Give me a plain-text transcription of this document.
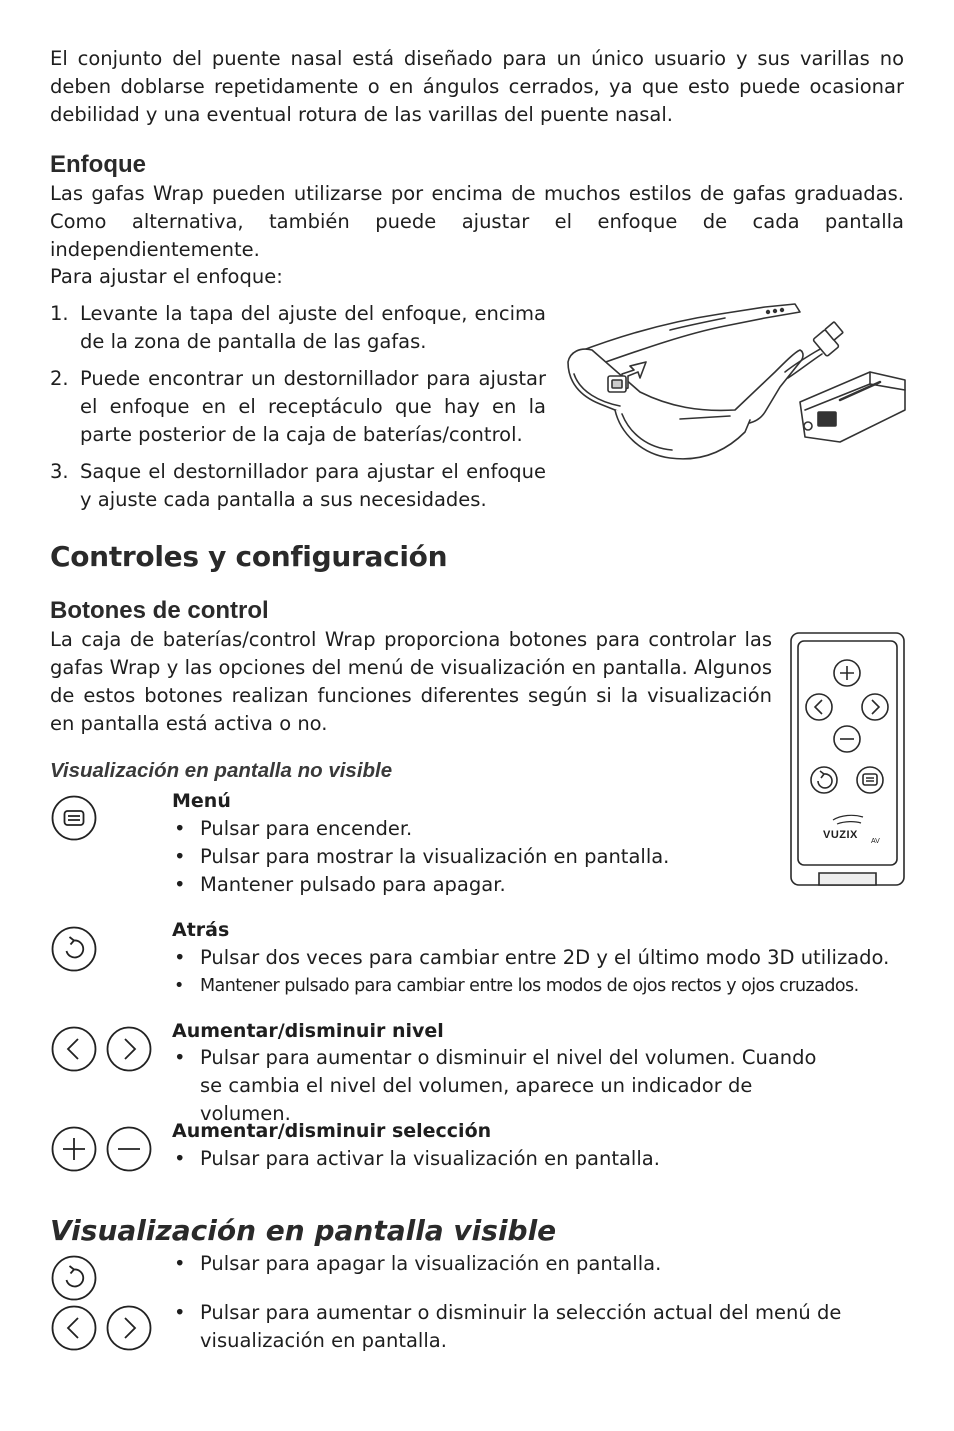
El conjunto del puente nasal está diseñado para un único usuario y sus varillas no deben doblarse repetidamente o en ángulos cerrados, ya que esto puede ocasionar debilidad y una eventual rotura de las varillas del puente nasal.

Enfoque

Las gafas Wrap pueden utilizarse por encima de muchos estilos de gafas graduadas. Como alternativa, también puede ajustar el enfoque de cada pantalla independientemente.

Para ajustar el enfoque:

1. Levante la tapa del ajuste del enfoque, encima de la zona de pantalla de las gafas.
2. Puede encontrar un destornillador para ajustar el enfoque en el receptáculo que hay en la parte posterior de la caja de baterías/control.
3. Saque el destornillador para ajustar el enfoque y ajuste cada pantalla a sus necesidades.
Controles y configuración
Botones de control

La caja de baterías/control Wrap proporciona botones para controlar las gafas Wrap y las opciones del menú de visualización en pantalla. Algunos de estos botones realizan funciones diferentes según si la visualización en pantalla está activa o no.

VUZIX
AV
Visualización en pantalla no visible

Menú

• Pulsar para encender.
• Pulsar para mostrar la visualización en pantalla.
• Mantener pulsado para apagar.

Atrás

• Pulsar dos veces para cambiar entre 2D y el último modo 3D utilizado.
• Mantener pulsado para cambiar entre los modos de ojos rectos y ojos cruzados.

Aumentar/disminuir nivel

• Pulsar para aumentar o disminuir el nivel del volumen. Cuando se cambia el nivel del volumen, aparece un indicador de volumen.

Aumentar/disminuir selección

• Pulsar para activar la visualización en pantalla.
Visualización en pantalla visible
• Pulsar para apagar la visualización en pantalla.
• Pulsar para aumentar o disminuir la selección actual del menú de visualización en pantalla.
